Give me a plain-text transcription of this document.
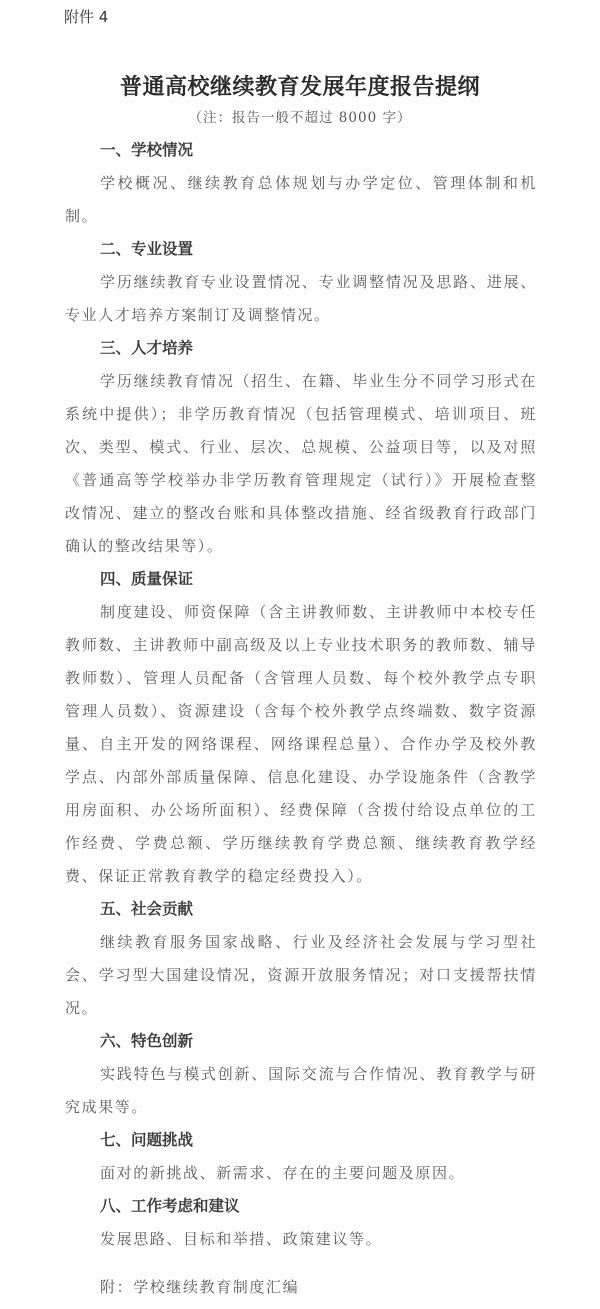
附件 4
普通高校继续教育发展年度报告提纲
（注：报告一般不超过 8000 字）
一、学校情况

学校概况、继续教育总体规划与办学定位、管理体制和机制。

二、专业设置

学历继续教育专业设置情况、专业调整情况及思路、进展、专业人才培养方案制订及调整情况。

三、人才培养

学历继续教育情况（招生、在籍、毕业生分不同学习形式在系统中提供）；非学历教育情况（包括管理模式、培训项目、班次、类型、模式、行业、层次、总规模、公益项目等，以及对照《普通高等学校举办非学历教育管理规定（试行）》开展检查整改情况、建立的整改台账和具体整改措施、经省级教育行政部门确认的整改结果等）。

四、质量保证

制度建设、师资保障（含主讲教师数、主讲教师中本校专任教师数、主讲教师中副高级及以上专业技术职务的教师数、辅导教师数）、管理人员配备（含管理人员数、每个校外教学点专职管理人员数）、资源建设（含每个校外教学点终端数、数字资源量、自主开发的网络课程、网络课程总量）、合作办学及校外教学点、内部外部质量保障、信息化建设、办学设施条件（含教学用房面积、办公场所面积）、经费保障（含拨付给设点单位的工作经费、学费总额、学历继续教育学费总额、继续教育教学经费、保证正常教育教学的稳定经费投入）。

五、社会贡献

继续教育服务国家战略、行业及经济社会发展与学习型社会、学习型大国建设情况，资源开放服务情况；对口支援帮扶情况。

六、特色创新

实践特色与模式创新、国际交流与合作情况、教育教学与研究成果等。

七、问题挑战

面对的新挑战、新需求、存在的主要问题及原因。

八、工作考虑和建议

发展思路、目标和举措、政策建议等。

附：学校继续教育制度汇编
